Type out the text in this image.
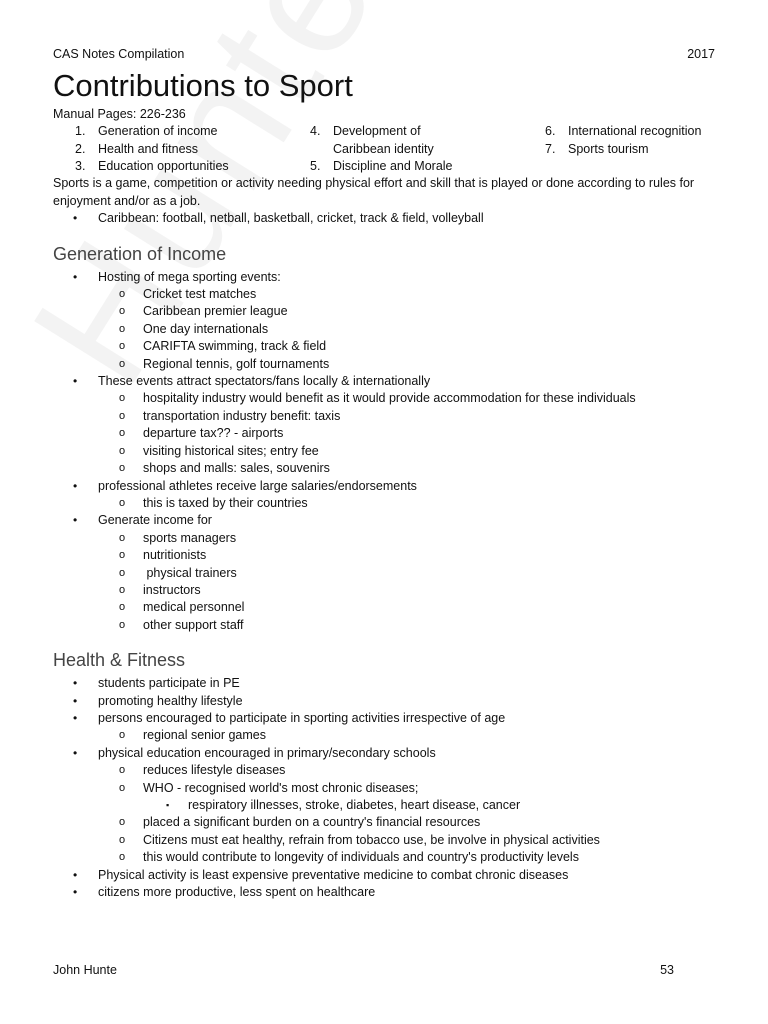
CAS Notes Compilation	2017
Contributions to Sport
Manual Pages: 226-236
1.	Generation of income
2.	Health and fitness
3.	Education opportunities
4.	Development of Caribbean identity
5.	Discipline and Morale
6.	International recognition
7.	Sports tourism

Sports is a game, competition or activity needing physical effort and skill that is played or done according to rules for enjoyment and/or as a job.

• Caribbean: football, netball, basketball, cricket, track & field, volleyball
Generation of Income
• Hosting of mega sporting events:
o Cricket test matches
o Caribbean premier league
o One day internationals
o CARIFTA swimming, track & field
o Regional tennis, golf tournaments
• These events attract spectators/fans locally & internationally
o hospitality industry would benefit as it would provide accommodation for these individuals
o transportation industry benefit: taxis
o departure tax?? - airports
o visiting historical sites; entry fee
o shops and malls: sales, souvenirs
• professional athletes receive large salaries/endorsements
o this is taxed by their countries
• Generate income for
o sports managers
o nutritionists
o  physical trainers
o instructors
o medical personnel
o other support staff
Health & Fitness
• students participate in PE
• promoting healthy lifestyle
• persons encouraged to participate in sporting activities irrespective of age
o regional senior games
• physical education encouraged in primary/secondary schools
o reduces lifestyle diseases
o WHO - recognised world's most chronic diseases;
▪ respiratory illnesses, stroke, diabetes, heart disease, cancer
o placed a significant burden on a country's financial resources
o Citizens must eat healthy, refrain from tobacco use, be involve in physical activities
o this would contribute to longevity of individuals and country's productivity levels
• Physical activity is least expensive preventative medicine to combat chronic diseases
• citizens more productive, less spent on healthcare
John Hunte	53
